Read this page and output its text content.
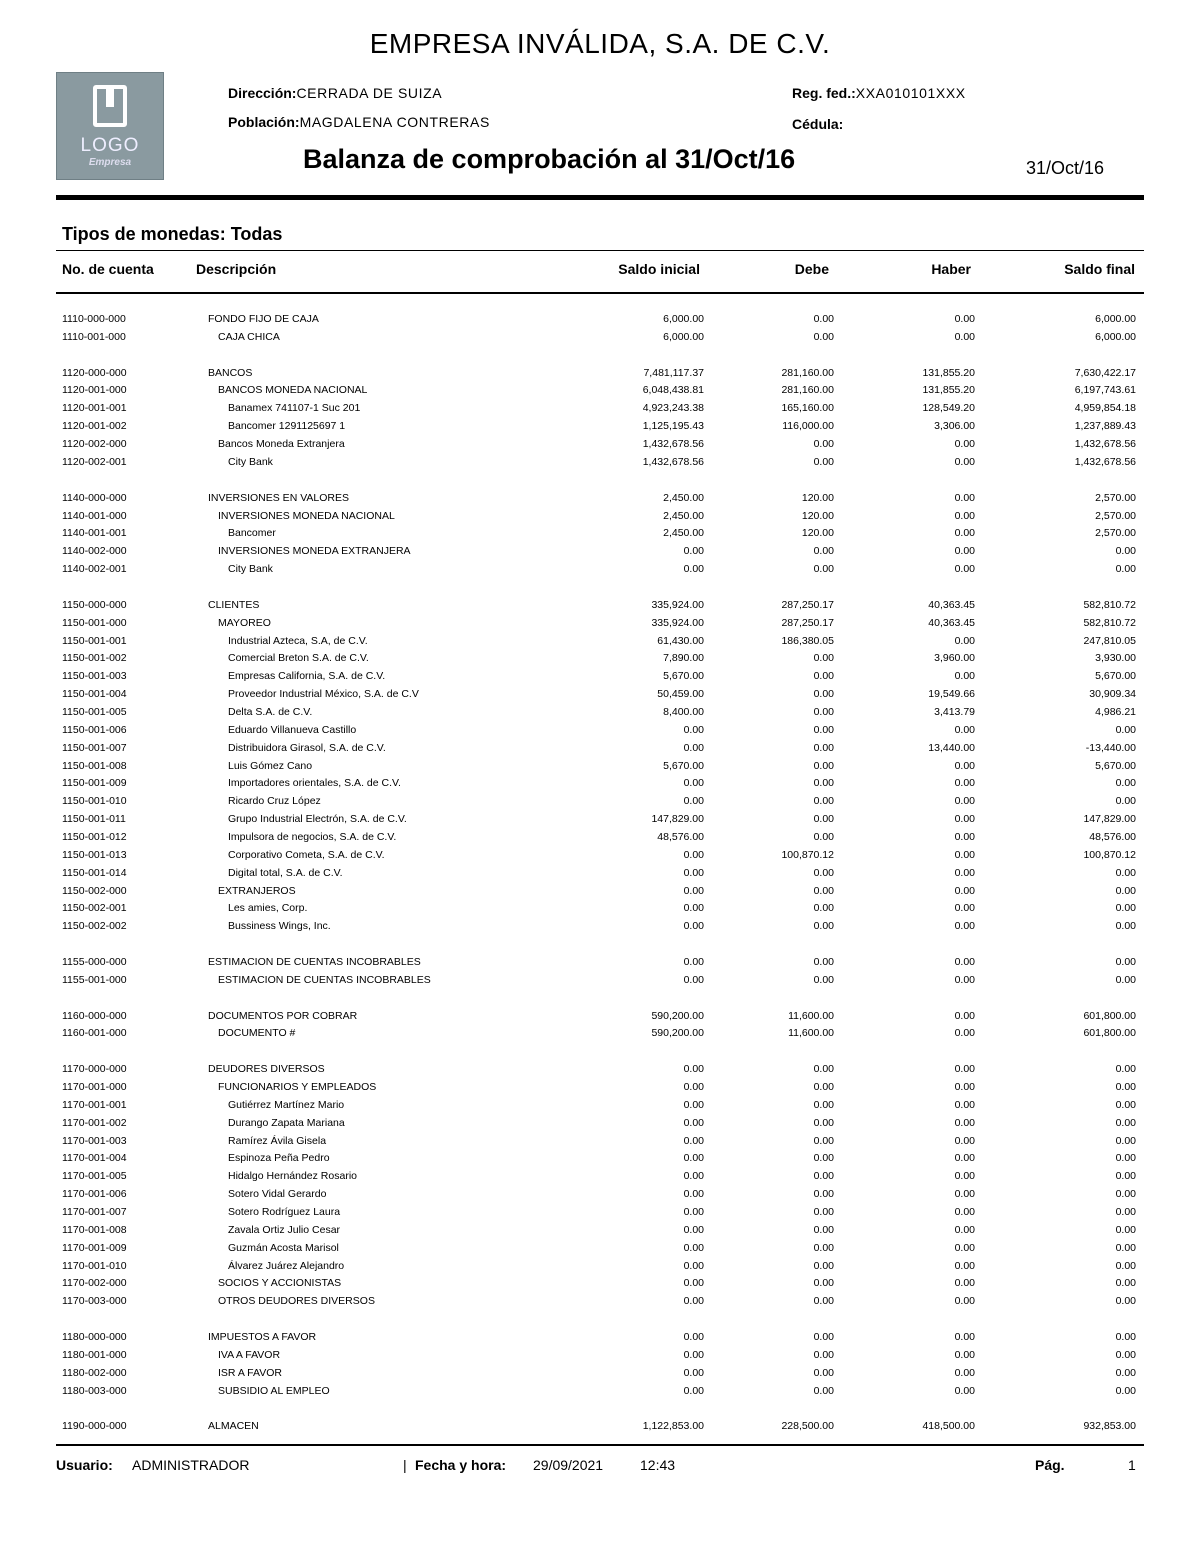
EMPRESA INVÁLIDA, S.A. DE C.V.
LOGO
Empresa
Dirección:CERRADA DE SUIZA
Población:MAGDALENA CONTRERAS
Reg. fed.:XXA010101XXX
Cédula:
Balanza de comprobación al 31/Oct/16	31/Oct/16
Tipos de monedas: Todas
No. de cuenta	Descripción	Saldo inicial	Debe	Haber	Saldo final
1110-000-000	FONDO FIJO DE CAJA	6,000.00	0.00	0.00	6,000.00
1110-001-000	CAJA CHICA	6,000.00	0.00	0.00	6,000.00
1120-000-000	BANCOS	7,481,117.37	281,160.00	131,855.20	7,630,422.17
1120-001-000	BANCOS MONEDA NACIONAL	6,048,438.81	281,160.00	131,855.20	6,197,743.61
1120-001-001	Banamex 741107-1 Suc 201	4,923,243.38	165,160.00	128,549.20	4,959,854.18
1120-001-002	Bancomer 1291125697 1	1,125,195.43	116,000.00	3,306.00	1,237,889.43
1120-002-000	Bancos Moneda Extranjera	1,432,678.56	0.00	0.00	1,432,678.56
1120-002-001	City Bank	1,432,678.56	0.00	0.00	1,432,678.56
1140-000-000	INVERSIONES EN VALORES	2,450.00	120.00	0.00	2,570.00
1140-001-000	INVERSIONES MONEDA NACIONAL	2,450.00	120.00	0.00	2,570.00
1140-001-001	Bancomer	2,450.00	120.00	0.00	2,570.00
1140-002-000	INVERSIONES MONEDA EXTRANJERA	0.00	0.00	0.00	0.00
1140-002-001	City Bank	0.00	0.00	0.00	0.00
1150-000-000	CLIENTES	335,924.00	287,250.17	40,363.45	582,810.72
1150-001-000	MAYOREO	335,924.00	287,250.17	40,363.45	582,810.72
1150-001-001	Industrial Azteca, S.A, de C.V.	61,430.00	186,380.05	0.00	247,810.05
1150-001-002	Comercial Breton S.A. de C.V.	7,890.00	0.00	3,960.00	3,930.00
1150-001-003	Empresas California, S.A. de C.V.	5,670.00	0.00	0.00	5,670.00
1150-001-004	Proveedor Industrial México, S.A. de C.V	50,459.00	0.00	19,549.66	30,909.34
1150-001-005	Delta S.A. de C.V.	8,400.00	0.00	3,413.79	4,986.21
1150-001-006	Eduardo Villanueva Castillo	0.00	0.00	0.00	0.00
1150-001-007	Distribuidora Girasol, S.A. de C.V.	0.00	0.00	13,440.00	-13,440.00
1150-001-008	Luis Gómez Cano	5,670.00	0.00	0.00	5,670.00
1150-001-009	Importadores orientales, S.A. de C.V.	0.00	0.00	0.00	0.00
1150-001-010	Ricardo Cruz López	0.00	0.00	0.00	0.00
1150-001-011	Grupo Industrial Electrón, S.A. de C.V.	147,829.00	0.00	0.00	147,829.00
1150-001-012	Impulsora de negocios, S.A. de C.V.	48,576.00	0.00	0.00	48,576.00
1150-001-013	Corporativo Cometa, S.A. de C.V.	0.00	100,870.12	0.00	100,870.12
1150-001-014	Digital total, S.A. de C.V.	0.00	0.00	0.00	0.00
1150-002-000	EXTRANJEROS	0.00	0.00	0.00	0.00
1150-002-001	Les amies, Corp.	0.00	0.00	0.00	0.00
1150-002-002	Bussiness Wings, Inc.	0.00	0.00	0.00	0.00
1155-000-000	ESTIMACION DE CUENTAS INCOBRABLES	0.00	0.00	0.00	0.00
1155-001-000	ESTIMACION DE CUENTAS INCOBRABLES	0.00	0.00	0.00	0.00
1160-000-000	DOCUMENTOS POR COBRAR	590,200.00	11,600.00	0.00	601,800.00
1160-001-000	DOCUMENTO #	590,200.00	11,600.00	0.00	601,800.00
1170-000-000	DEUDORES DIVERSOS	0.00	0.00	0.00	0.00
1170-001-000	FUNCIONARIOS Y EMPLEADOS	0.00	0.00	0.00	0.00
1170-001-001	Gutiérrez Martínez Mario	0.00	0.00	0.00	0.00
1170-001-002	Durango Zapata Mariana	0.00	0.00	0.00	0.00
1170-001-003	Ramírez Ávila Gisela	0.00	0.00	0.00	0.00
1170-001-004	Espinoza Peña Pedro	0.00	0.00	0.00	0.00
1170-001-005	Hidalgo Hernández Rosario	0.00	0.00	0.00	0.00
1170-001-006	Sotero Vidal Gerardo	0.00	0.00	0.00	0.00
1170-001-007	Sotero Rodríguez Laura	0.00	0.00	0.00	0.00
1170-001-008	Zavala Ortiz Julio Cesar	0.00	0.00	0.00	0.00
1170-001-009	Guzmán Acosta Marisol	0.00	0.00	0.00	0.00
1170-001-010	Álvarez Juárez Alejandro	0.00	0.00	0.00	0.00
1170-002-000	SOCIOS Y ACCIONISTAS	0.00	0.00	0.00	0.00
1170-003-000	OTROS DEUDORES DIVERSOS	0.00	0.00	0.00	0.00
1180-000-000	IMPUESTOS A FAVOR	0.00	0.00	0.00	0.00
1180-001-000	IVA A FAVOR	0.00	0.00	0.00	0.00
1180-002-000	ISR A FAVOR	0.00	0.00	0.00	0.00
1180-003-000	SUBSIDIO AL EMPLEO	0.00	0.00	0.00	0.00
1190-000-000	ALMACEN	1,122,853.00	228,500.00	418,500.00	932,853.00
Usuario: ADMINISTRADOR	| Fecha y hora: 29/09/2021	12:43	Pág.	1
